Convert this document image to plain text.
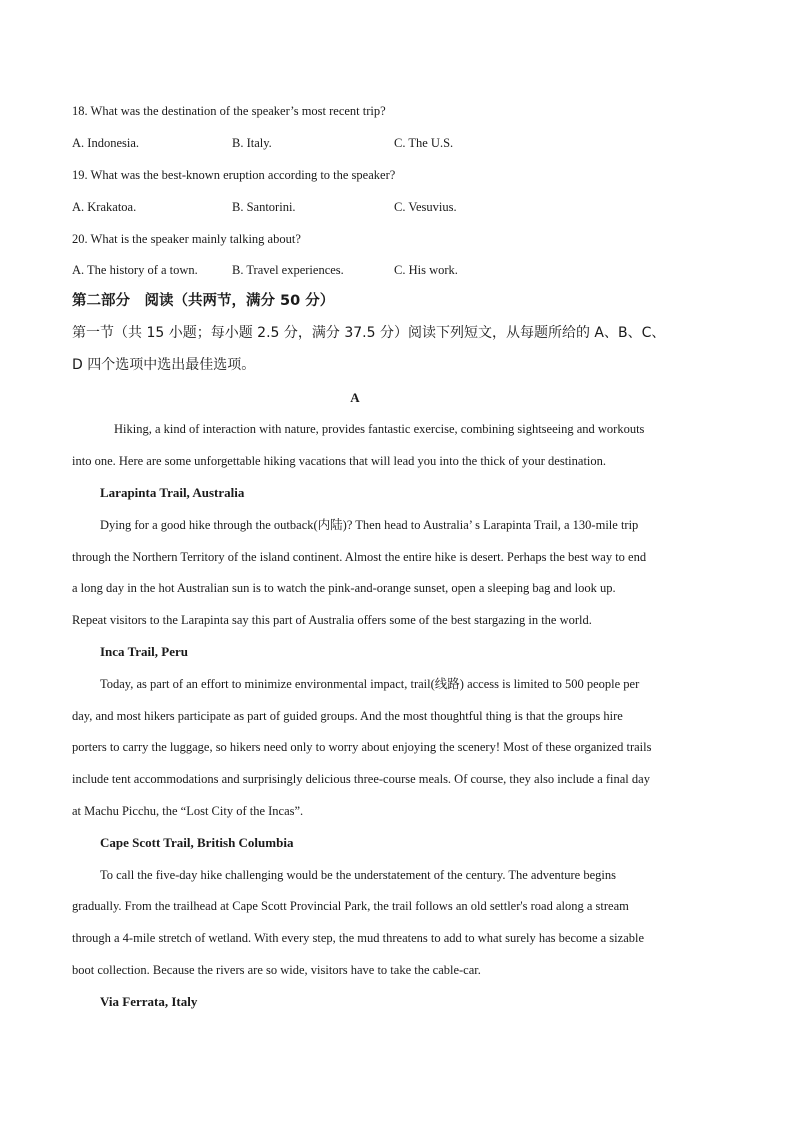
18. What was the destination of the speaker’s most recent trip?
A. Indonesia.	B. Italy.	C. The U.S.
19. What was the best-known eruption according to the speaker?
A. Krakatoa.	B. Santorini.	C. Vesuvius.
20. What is the speaker mainly talking about?
A. The history of a town.	B. Travel experiences.	C. His work.
第二部分　阅读（共两节，满分 50 分）
第一节（共 15 小题；每小题 2.5 分，满分 37.5 分）阅读下列短文，从每题所给的 A、B、C、
D 四个选项中选出最佳选项。
A
Hiking, a kind of interaction with nature, provides fantastic exercise, combining sightseeing and workouts
into one. Here are some unforgettable hiking vacations that will lead you into the thick of your destination.
Larapinta Trail, Australia
Dying for a good hike through the outback(内陆)? Then head to Australia’ s Larapinta Trail, a 130-mile trip
through the Northern Territory of the island continent. Almost the entire hike is desert. Perhaps the best way to end
a long day in the hot Australian sun is to watch the pink-and-orange sunset, open a sleeping bag and look up.
Repeat visitors to the Larapinta say this part of Australia offers some of the best stargazing in the world.
Inca Trail, Peru
Today, as part of an effort to minimize environmental impact, trail(线路) access is limited to 500 people per
day, and most hikers participate as part of guided groups. And the most thoughtful thing is that the groups hire
porters to carry the luggage, so hikers need only to worry about enjoying the scenery! Most of these organized trails
include tent accommodations and surprisingly delicious three-course meals. Of course, they also include a final day
at Machu Picchu, the “Lost City of the Incas”.
Cape Scott Trail, British Columbia
To call the five-day hike challenging would be the understatement of the century. The adventure begins
gradually. From the trailhead at Cape Scott Provincial Park, the trail follows an old settler's road along a stream
through a 4-mile stretch of wetland. With every step, the mud threatens to add to what surely has become a sizable
boot collection. Because the rivers are so wide, visitors have to take the cable-car.
Via Ferrata, Italy
